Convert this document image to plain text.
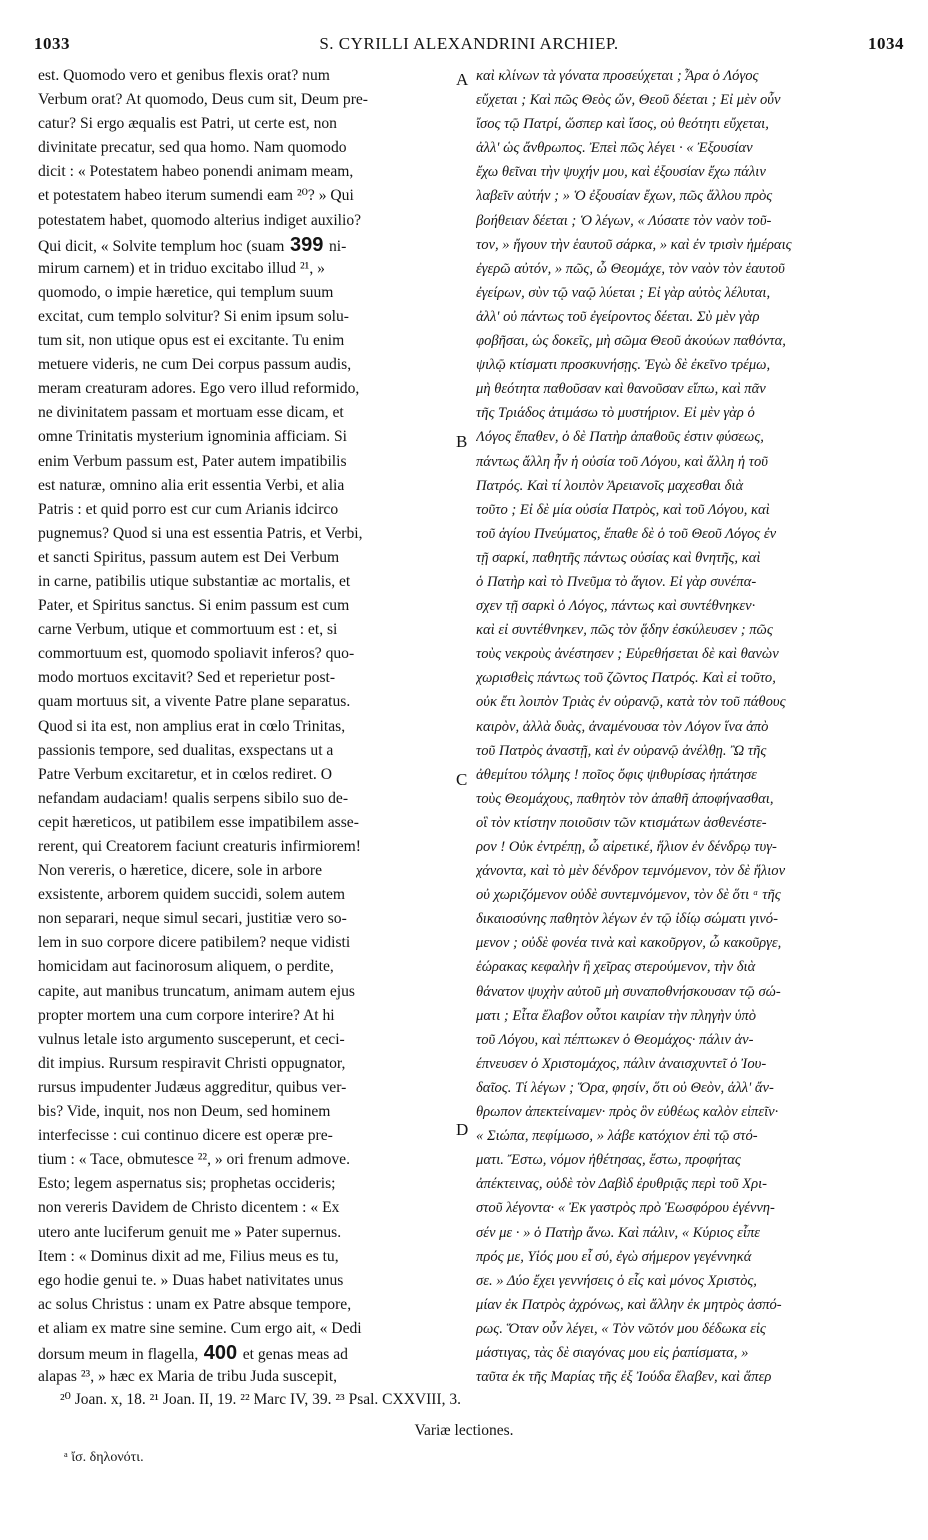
1033	S. CYRILLI ALEXANDRINI ARCHIEP.	1034
est. Quomodo vero et genibus flexis orat? num
Verbum orat? At quomodo, Deus cum sit, Deum pre-
catur? Si ergo æqualis est Patri, ut certe est, non
divinitate precatur, sed qua homo. Nam quomodo
dicit : « Potestatem habeo ponendi animam meam,
et potestatem habeo iterum sumendi eam ²⁰? » Qui
potestatem habet, quomodo alterius indiget auxilio?
Qui dicit, « Solvite templum hoc (suam 399 ni-
mirum carnem) et in triduo excitabo illud ²¹, »
quomodo, o impie hæretice, qui templum suum
excitat, cum templo solvitur? Si enim ipsum solu-
tum sit, non utique opus est ei excitante. Tu enim
metuere videris, ne cum Dei corpus passum audis,
meram creaturam adores. Ego vero illud reformido,
ne divinitatem passam et mortuam esse dicam, et
omne Trinitatis mysterium ignominia afficiam. Si
enim Verbum passum est, Pater autem impatibilis
est naturæ, omnino alia erit essentia Verbi, et alia
Patris : et quid porro est cur cum Arianis idcirco
pugnemus? Quod si una est essentia Patris, et Verbi,
et sancti Spiritus, passum autem est Dei Verbum
in carne, patibilis utique substantiæ ac mortalis, et
Pater, et Spiritus sanctus. Si enim passum est cum
carne Verbum, utique et commortuum est : et, si
commortuum est, quomodo spoliavit inferos? quo-
modo mortuos excitavit? Sed et reperietur post-
quam mortuus sit, a vivente Patre plane separatus.
Quod si ita est, non amplius erat in cœlo Trinitas,
passionis tempore, sed dualitas, exspectans ut a
Patre Verbum excitaretur, et in cœlos rediret. O
nefandam audaciam! qualis serpens sibilo suo de-
cepit hæreticos, ut patibilem esse impatibilem asse-
rerent, qui Creatorem faciunt creaturis infirmiorem!
Non vereris, o hæretice, dicere, sole in arbore
exsistente, arborem quidem succidi, solem autem
non separari, neque simul secari, justitiæ vero so-
lem in suo corpore dicere patibilem? neque vidisti
homicidam aut facinorosum aliquem, o perdite,
capite, aut manibus truncatum, animam autem ejus
propter mortem una cum corpore interire? At hi
vulnus letale isto argumento susceperunt, et ceci-
dit impius. Rursum respiravit Christi oppugnator,
rursus impudenter Judæus aggreditur, quibus ver-
bis? Vide, inquit, nos non Deum, sed hominem
interfecisse : cui continuo dicere est operæ pre-
tium : « Tace, obmutesce ²², » ori frenum admove.
Esto; legem aspernatus sis; prophetas occideris;
non vereris Davidem de Christo dicentem : « Ex
utero ante luciferum genuit me » Pater supernus.
Item : « Dominus dixit ad me, Filius meus es tu,
ego hodie genui te. » Duas habet nativitates unus
ac solus Christus : unam ex Patre absque tempore,
et aliam ex matre sine semine. Cum ergo ait, « Dedi
dorsum meum in flagella, 400 et genas meas ad
alapas ²³, » hæc ex Maria de tribu Juda suscepit,
καὶ κλίνων τὰ γόνατα προσεύχεται ; Ἆρα ὁ Λόγος
εὔχεται ; Καὶ πῶς Θεὸς ὤν, Θεοῦ δέεται ; Εἰ μὲν οὖν
ἴσος τῷ Πατρί, ὥσπερ καὶ ἴσος, οὐ θεότητι εὔχεται,
ἀλλ' ὡς ἄνθρωπος. Ἐπεὶ πῶς λέγει · « Ἐξουσίαν
ἔχω θεῖναι τὴν ψυχήν μου, καὶ ἐξουσίαν ἔχω πάλιν
λαβεῖν αὐτήν ; » Ὁ ἐξουσίαν ἔχων, πῶς ἄλλου πρὸς
βοήθειαν δέεται ; Ὁ λέγων, « Λύσατε τὸν ναὸν τοῦ-
τον, » ἤγουν τὴν ἑαυτοῦ σάρκα, » καὶ ἐν τρισὶν ἡμέραις
ἐγερῶ αὐτόν, » πῶς, ὦ Θεομάχε, τὸν ναὸν τὸν ἑαυτοῦ
ἐγείρων, σὺν τῷ ναῷ λύεται ; Εἰ γὰρ αὐτὸς λέλυται,
ἀλλ' οὐ πάντως τοῦ ἐγείροντος δέεται. Σὺ μὲν γὰρ
φοβῆσαι, ὡς δοκεῖς, μὴ σῶμα Θεοῦ ἀκούων παθόντα,
ψιλῷ κτίσματι προσκυνήσῃς. Ἐγὼ δὲ ἐκεῖνο τρέμω,
μὴ θεότητα παθοῦσαν καὶ θανοῦσαν εἴπω, καὶ πᾶν
τῆς Τριάδος ἀτιμάσω τὸ μυστήριον. Εἰ μὲν γὰρ ὁ
Λόγος ἔπαθεν, ὁ δὲ Πατὴρ ἀπαθοῦς ἐστιν φύσεως,
πάντως ἄλλη ἦν ἡ οὐσία τοῦ Λόγου, καὶ ἄλλη ἡ τοῦ
Πατρός. Καὶ τί λοιπὸν Ἀρειανοῖς μαχεσθαι διὰ
τοῦτο ; Εἰ δὲ μία οὐσία Πατρὸς, καὶ τοῦ Λόγου, καὶ
τοῦ ἁγίου Πνεύματος, ἔπαθε δὲ ὁ τοῦ Θεοῦ Λόγος ἐν
τῇ σαρκί, παθητῆς πάντως οὐσίας καὶ θνητῆς, καὶ
ὁ Πατὴρ καὶ τὸ Πνεῦμα τὸ ἅγιον. Εἰ γὰρ συνέπα-
σχεν τῇ σαρκὶ ὁ Λόγος, πάντως καὶ συντέθνηκεν·
καὶ εἰ συντέθνηκεν, πῶς τὸν ᾅδην ἐσκύλευσεν ; πῶς
τοὺς νεκροὺς ἀνέστησεν ; Εὑρεθήσεται δὲ καὶ θανὼν
χωρισθεὶς πάντως τοῦ ζῶντος Πατρός. Καὶ εἰ τοῦτο,
οὐκ ἔτι λοιπὸν Τριὰς ἐν οὐρανῷ, κατὰ τὸν τοῦ πάθους
καιρὸν, ἀλλὰ δυὰς, ἀναμένουσα τὸν Λόγον ἵνα ἀπὸ
τοῦ Πατρὸς ἀναστῇ, καὶ ἐν οὐρανῷ ἀνέλθῃ. Ὢ τῆς
ἀθεμίτου τόλμης ! ποῖος ὄφις ψιθυρίσας ἠπάτησε
τοὺς Θεομάχους, παθητὸν τὸν ἀπαθῆ ἀποφήνασθαι,
οἳ τὸν κτίστην ποιοῦσιν τῶν κτισμάτων ἀσθενέστε-
ρον ! Οὐκ ἐντρέπῃ, ὦ αἱρετικέ, ἥλιον ἐν δένδρῳ τυγ-
χάνοντα, καὶ τὸ μὲν δένδρον τεμνόμενον, τὸν δὲ ἥλιον
οὐ χωριζόμενον οὐδὲ συντεμνόμενον, τὸν δὲ ὅτι ᵃ τῆς
δικαιοσύνης παθητὸν λέγων ἐν τῷ ἰδίῳ σώματι γινό-
μενον ; οὐδὲ φονέα τινὰ καὶ κακοῦργον, ὦ κακοῦργε,
ἑώρακας κεφαλὴν ἢ χεῖρας στερούμενον, τὴν διὰ
θάνατον ψυχὴν αὐτοῦ μὴ συναποθνήσκουσαν τῷ σώ-
ματι ; Εἶτα ἔλαβον οὗτοι καιρίαν τὴν πληγὴν ὑπὸ
τοῦ Λόγου, καὶ πέπτωκεν ὁ Θεομάχος· πάλιν ἀν-
έπνευσεν ὁ Χριστομάχος, πάλιν ἀναισχυντεῖ ὁ Ἰου-
δαῖος. Τί λέγων ; Ὅρα, φησίν, ὅτι οὐ Θεὸν, ἀλλ' ἄν-
θρωπον ἀπεκτείναμεν· πρὸς ὃν εὐθέως καλὸν εἰπεῖν·
« Σιώπα, πεφίμωσο, » λάβε κατόχιον ἐπὶ τῷ στό-
ματι. Ἔστω, νόμον ἠθέτησας, ἔστω, προφήτας
ἀπέκτεινας, οὐδὲ τὸν Δαβὶδ ἐρυθριᾷς περὶ τοῦ Χρι-
στοῦ λέγοντα· « Ἐκ γαστρὸς πρὸ Ἑωσφόρου ἐγέννη-
σέν με · » ὁ Πατὴρ ἄνω. Καὶ πάλιν, « Κύριος εἶπε
πρός με, Υἱός μου εἶ σύ, ἐγὼ σήμερον γεγέννηκά
σε. » Δύο ἔχει γεννήσεις ὁ εἷς καὶ μόνος Χριστὸς,
μίαν ἐκ Πατρὸς ἀχρόνως, καὶ ἄλλην ἐκ μητρὸς ἀσπό-
ρως. Ὅταν οὖν λέγει, « Τὸν νῶτόν μου δέδωκα εἰς
μάστιγας, τὰς δὲ σιαγόνας μου εἰς ῥαπίσματα, »
ταῦτα ἐκ τῆς Μαρίας τῆς ἐξ Ἰούδα ἔλαβεν, καὶ ἅπερ
A
B
C
D
²⁰ Joan. x, 18. ²¹ Joan. II, 19. ²² Marc IV, 39. ²³ Psal. CXXVIII, 3.
Variæ lectiones.
ᵃ ἴσ. δηλονότι.
